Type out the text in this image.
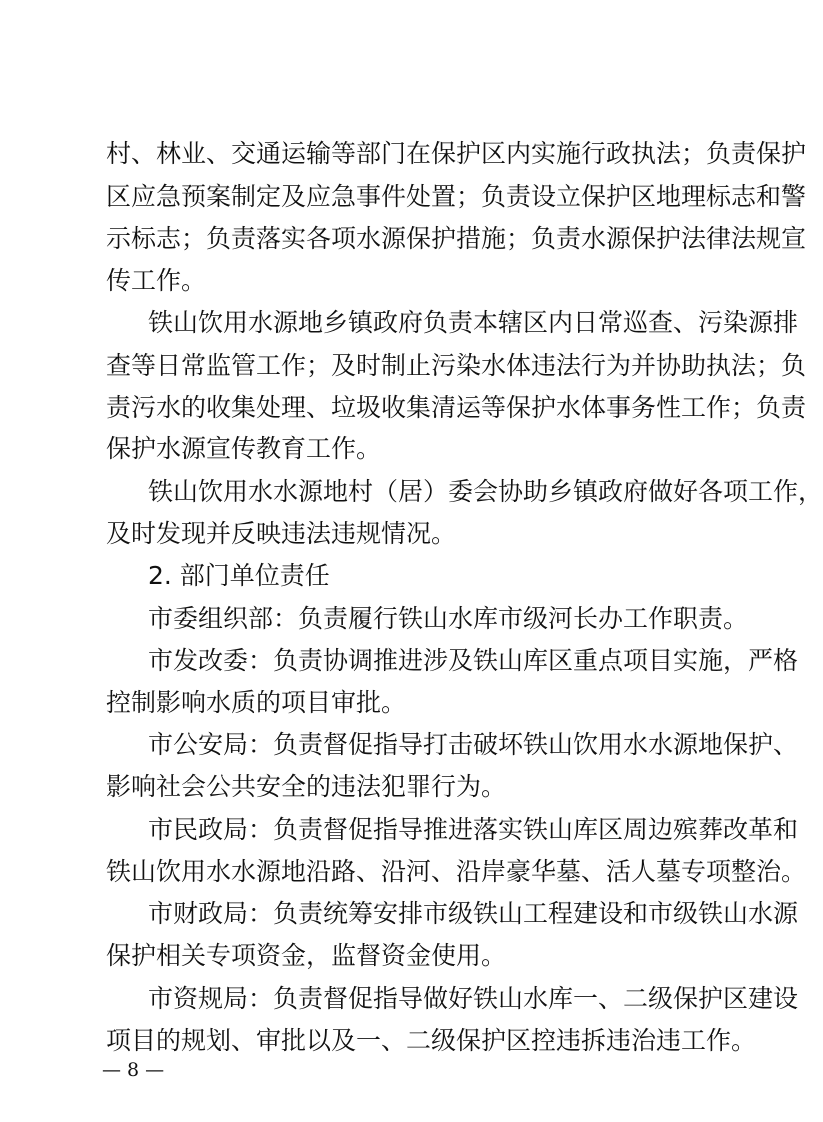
村、林业、交通运输等部门在保护区内实施行政执法；负责保护
区应急预案制定及应急事件处置；负责设立保护区地理标志和警
示标志；负责落实各项水源保护措施；负责水源保护法律法规宣
传工作。
铁山饮用水源地乡镇政府负责本辖区内日常巡查、污染源排
查等日常监管工作；及时制止污染水体违法行为并协助执法；负
责污水的收集处理、垃圾收集清运等保护水体事务性工作；负责
保护水源宣传教育工作。
铁山饮用水水源地村（居）委会协助乡镇政府做好各项工作，
及时发现并反映违法违规情况。
2. 部门单位责任
市委组织部：负责履行铁山水库市级河长办工作职责。
市发改委：负责协调推进涉及铁山库区重点项目实施，严格
控制影响水质的项目审批。
市公安局：负责督促指导打击破坏铁山饮用水水源地保护、
影响社会公共安全的违法犯罪行为。
市民政局：负责督促指导推进落实铁山库区周边殡葬改革和
铁山饮用水水源地沿路、沿河、沿岸豪华墓、活人墓专项整治。
市财政局：负责统筹安排市级铁山工程建设和市级铁山水源
保护相关专项资金，监督资金使用。
市资规局：负责督促指导做好铁山水库一、二级保护区建设
项目的规划、审批以及一、二级保护区控违拆违治违工作。
— 8 —
